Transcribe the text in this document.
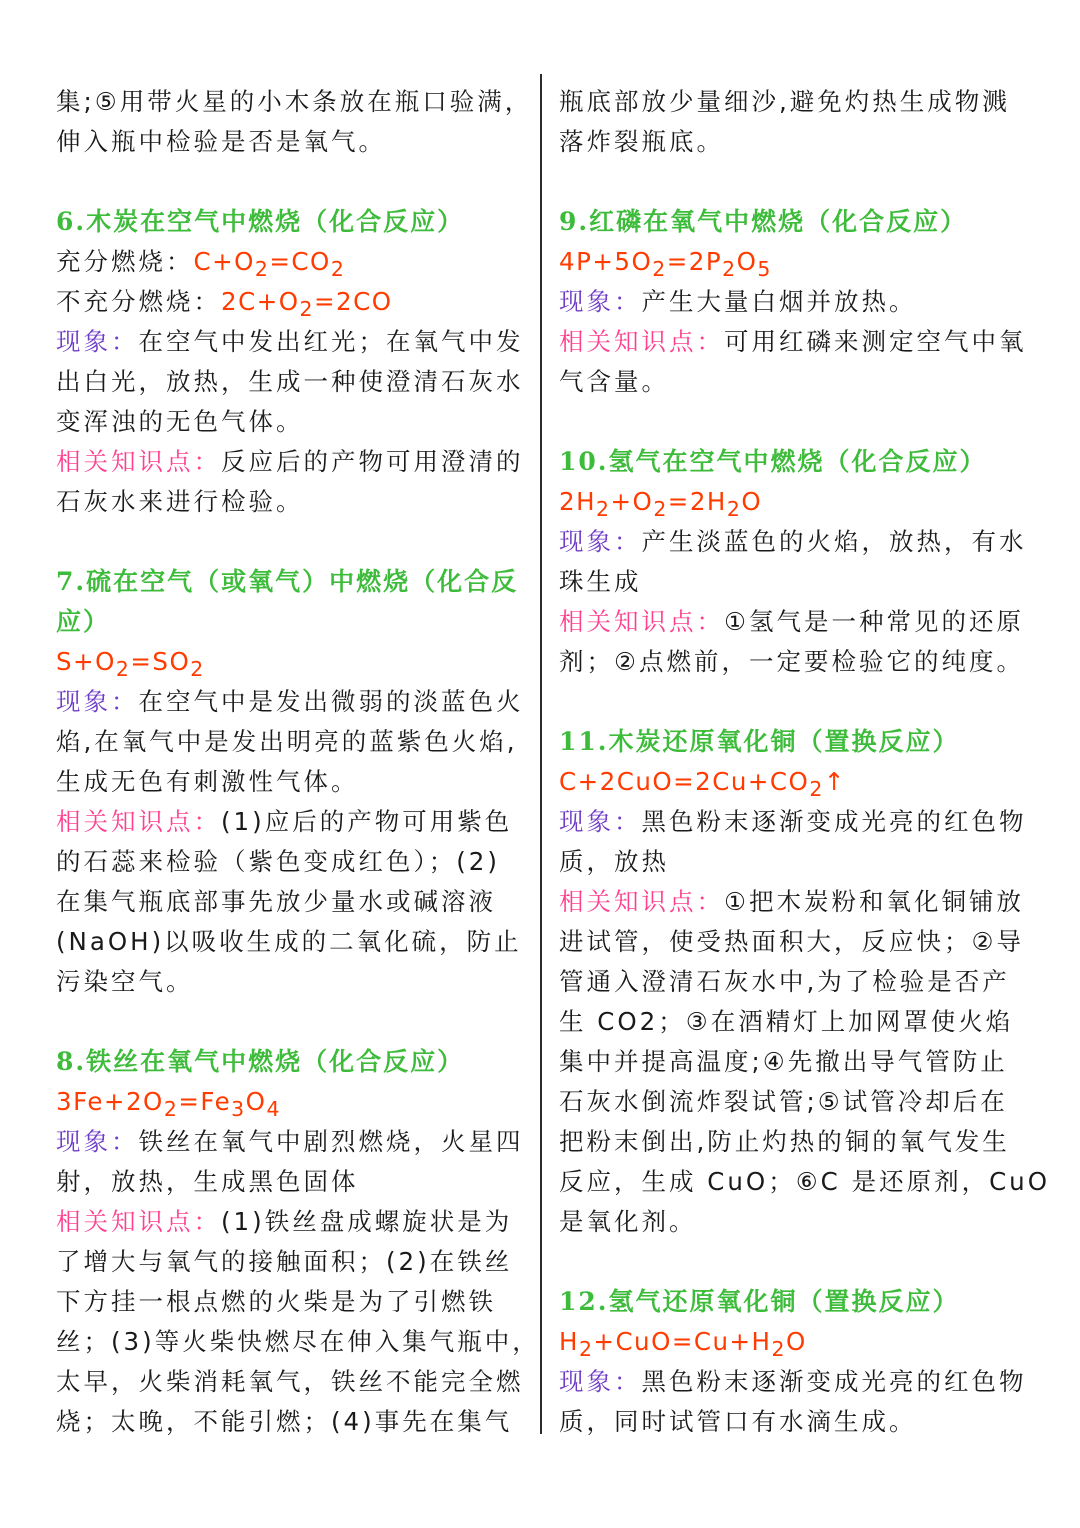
集;⑤用带火星的小木条放在瓶口验满，
伸入瓶中检验是否是氧气。
6.木炭在空气中燃烧（化合反应）
充分燃烧：$C+O_2=CO_2$
不充分燃烧：$2C+O_2=2CO$
现象：在空气中发出红光；在氧气中发
出白光，放热，生成一种使澄清石灰水
变浑浊的无色气体。
相关知识点：反应后的产物可用澄清的
石灰水来进行检验。
7.硫在空气（或氧气）中燃烧（化合反
应）
$S+O_2=SO_2$
现象：在空气中是发出微弱的淡蓝色火
焰,在氧气中是发出明亮的蓝紫色火焰,
生成无色有刺激性气体。
相关知识点：(1)应后的产物可用紫色
的石蕊来检验（紫色变成红色）；(2)
在集气瓶底部事先放少量水或碱溶液
(NaOH)以吸收生成的二氧化硫，防止
污染空气。
8.铁丝在氧气中燃烧（化合反应）
$3Fe+2O_2=Fe_3O_4$
现象：铁丝在氧气中剧烈燃烧，火星四
射，放热，生成黑色固体
相关知识点：(1)铁丝盘成螺旋状是为
了增大与氧气的接触面积；(2)在铁丝
下方挂一根点燃的火柴是为了引燃铁
丝；(3)等火柴快燃尽在伸入集气瓶中，
太早，火柴消耗氧气，铁丝不能完全燃
烧；太晚，不能引燃；(4)事先在集气
瓶底部放少量细沙,避免灼热生成物溅
落炸裂瓶底。
9.红磷在氧气中燃烧（化合反应）
$4P+5O_2=2P_2O_5$
现象：产生大量白烟并放热。
相关知识点：可用红磷来测定空气中氧
气含量。
10.氢气在空气中燃烧（化合反应）
$2H_2+O_2=2H_2O$
现象：产生淡蓝色的火焰，放热，有水
珠生成
相关知识点：①氢气是一种常见的还原
剂；②点燃前，一定要检验它的纯度。
11.木炭还原氧化铜（置换反应）
$C+2CuO=2Cu+CO_2↑$
现象：黑色粉末逐渐变成光亮的红色物
质，放热
相关知识点：①把木炭粉和氧化铜铺放
进试管，使受热面积大，反应快；②导
管通入澄清石灰水中,为了检验是否产
生 CO2；③在酒精灯上加网罩使火焰
集中并提高温度;④先撤出导气管防止
石灰水倒流炸裂试管;⑤试管冷却后在
把粉末倒出,防止灼热的铜的氧气发生
反应，生成 CuO；⑥C 是还原剂，CuO
是氧化剂。
12.氢气还原氧化铜（置换反应）
$H_2+CuO=Cu+H_2O$
现象：黑色粉末逐渐变成光亮的红色物
质，同时试管口有水滴生成。
